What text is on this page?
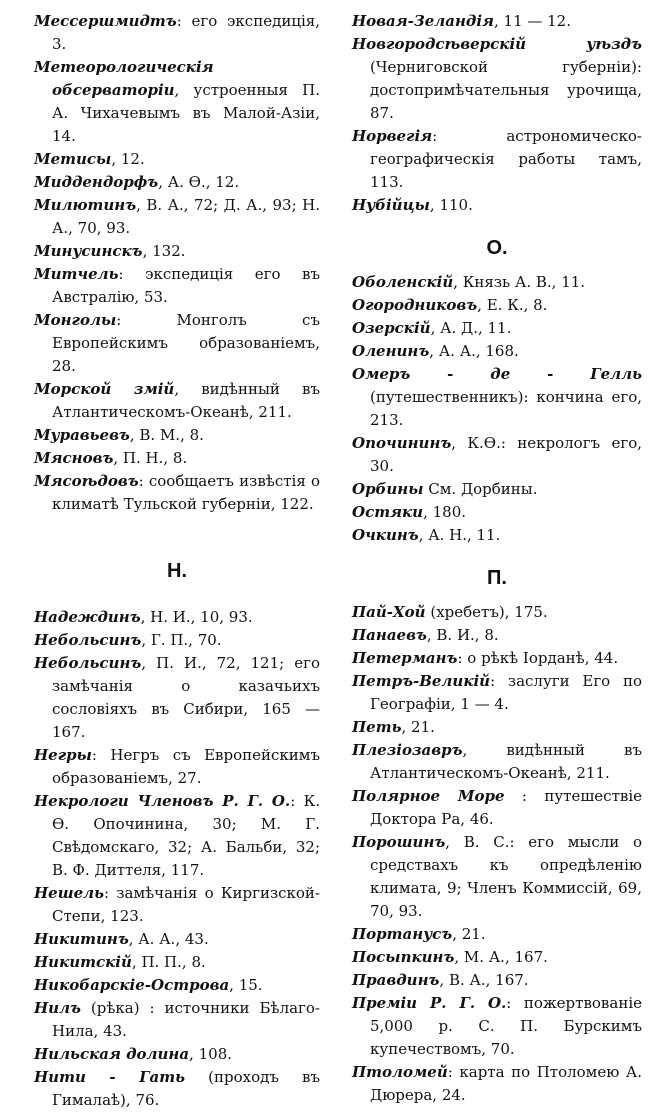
Мессершмидтъ: его экспедиція, 3.

Метеорологическія обсерваторіи, устроенныя П. А. Чихачевымъ въ Малой-Азіи, 14.

Метисы, 12.

Миддендорфъ, А. Ѳ., 12.

Милютинъ, В. А., 72; Д. А., 93; Н. А., 70, 93.

Минусинскъ, 132.

Митчель: экспедиція его въ Австралію, 53.

Монголы: Монголъ съ Европейскимъ образованіемъ, 28.

Морской змій, видѣнный въ Атлантическомъ-Океанѣ, 211.

Муравьевъ, В. М., 8.

Мясновъ, П. Н., 8.

Мясоѣдовъ: сообщаетъ извѣстія о климатѣ Тульской губерніи, 122.

Н.

Надеждинъ, Н. И., 10, 93.

Небольсинъ, Г. П., 70.

Небольсинъ, П. И., 72, 121; его замѣчанія о казачьихъ сословіяхъ въ Сибири, 165 — 167.

Негры: Негръ съ Европейскимъ образованіемъ, 27.

Некрологи Членовъ Р. Г. О.: К. Ѳ. Опочинина, 30; М. Г. Свѣдомскаго, 32; А. Бальби, 32; В. Ф. Диттеля, 117.

Нешель: замѣчанія о Киргизской-Степи, 123.

Никитинъ, А. А., 43.

Никитскій, П. П., 8.

Никобарскіе-Острова, 15.

Нилъ (рѣка) : источники Бѣлаго-Нила, 43.

Нильская долина, 108.

Нити - Гать (проходъ въ Гималаѣ), 76.

Новая-Зеландія, 11 — 12.

Новгородсѣверскій уѣздъ (Черниговской губерніи): достопримѣчательныя урочища, 87.

Норвегія: астрономическо-географическія работы тамъ, 113.

Нубійцы, 110.

О.

Оболенскій, Князь А. В., 11.

Огородниковъ, Е. К., 8.

Озерскій, А. Д., 11.

Оленинъ, А. А., 168.

Омеръ - де - Гелль (путешественникъ): кончина его, 213.

Опочининъ, К.Ѳ.: некрологъ его, 30.

Орбины См. Дорбины.

Остяки, 180.

Очкинъ, А. Н., 11.

П.

Пай-Хой (хребетъ), 175.

Панаевъ, В. И., 8.

Петерманъ: о рѣкѣ Іорданѣ, 44.

Петръ-Великій: заслуги Его по Географіи, 1 — 4.

Петь, 21.

Плезіозавръ, видѣнный въ Атлантическомъ-Океанѣ, 211.

Полярное Море : путешествіе Доктора Ра, 46.

Порошинъ, В. С.: его мысли о средствахъ къ опредѣленію климата, 9; Членъ Коммиссій, 69, 70, 93.

Портанусъ, 21.

Посыпкинъ, М. А., 167.

Правдинъ, В. А., 167.

Преміи Р. Г. О.: пожертвованіе 5,000 р. С. П. Бурскимъ купечествомъ, 70.

Птоломей: карта по Птоломею А. Дюрера, 24.
